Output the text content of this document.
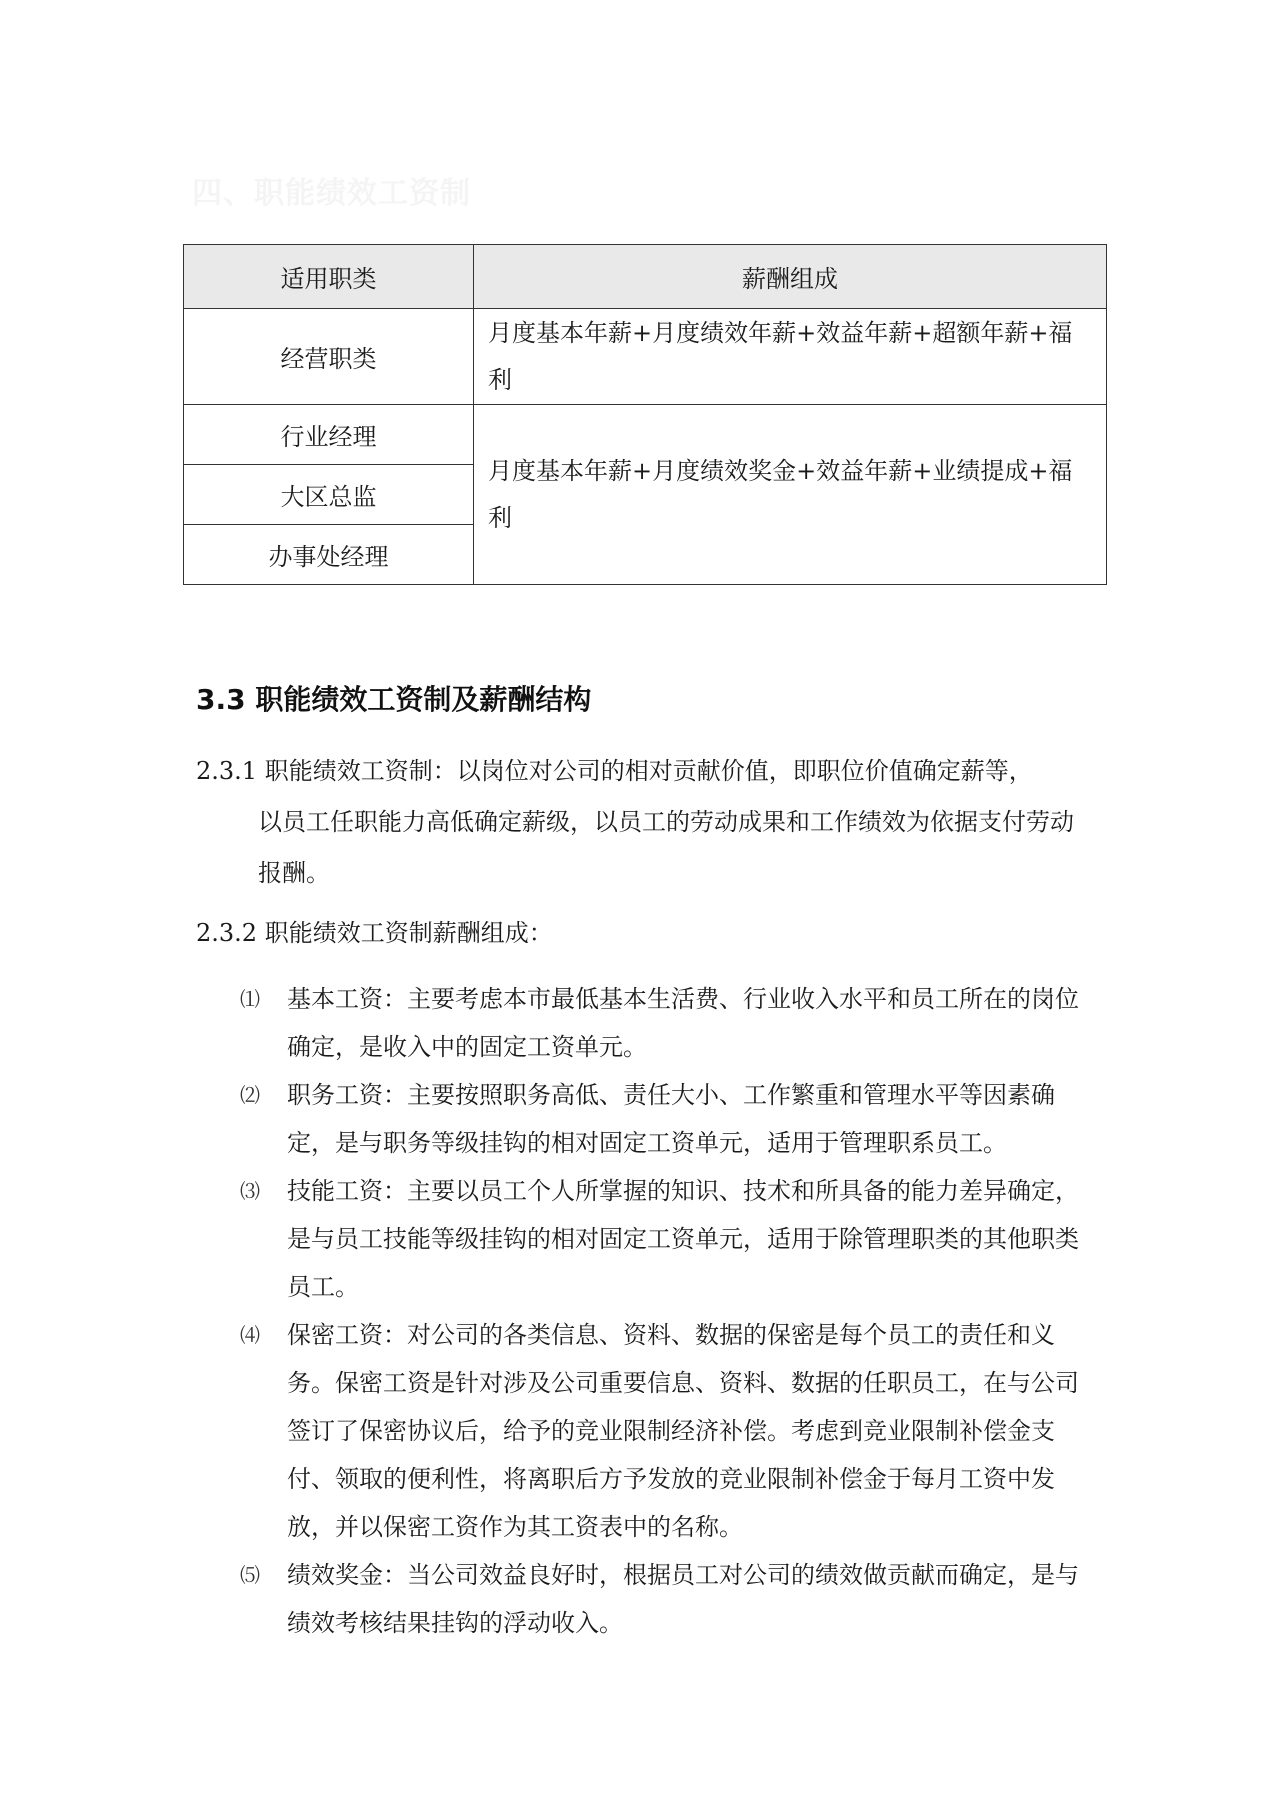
四、职能绩效工资制
适用职类	薪酬组成
经营职类	月度基本年薪+月度绩效年薪+效益年薪+超额年薪+福利
行业经理	月度基本年薪+月度绩效奖金+效益年薪+业绩提成+福利
大区总监	
办事处经理	
3.3 职能绩效工资制及薪酬结构
2.3.1 职能绩效工资制：以岗位对公司的相对贡献价值，即职位价值确定薪等，
以员工任职能力高低确定薪级，以员工的劳动成果和工作绩效为依据支付劳动报酬。
2.3.2 职能绩效工资制薪酬组成：
⑴ 基本工资：主要考虑本市最低基本生活费、行业收入水平和员工所在的岗位确定，是收入中的固定工资单元。
⑵ 职务工资：主要按照职务高低、责任大小、工作繁重和管理水平等因素确定，是与职务等级挂钩的相对固定工资单元，适用于管理职系员工。
⑶ 技能工资：主要以员工个人所掌握的知识、技术和所具备的能力差异确定，是与员工技能等级挂钩的相对固定工资单元，适用于除管理职类的其他职类员工。
⑷ 保密工资：对公司的各类信息、资料、数据的保密是每个员工的责任和义务。保密工资是针对涉及公司重要信息、资料、数据的任职员工，在与公司签订了保密协议后，给予的竞业限制经济补偿。考虑到竞业限制补偿金支付、领取的便利性，将离职后方予发放的竞业限制补偿金于每月工资中发放，并以保密工资作为其工资表中的名称。
⑸ 绩效奖金：当公司效益良好时，根据员工对公司的绩效做贡献而确定，是与绩效考核结果挂钩的浮动收入。
